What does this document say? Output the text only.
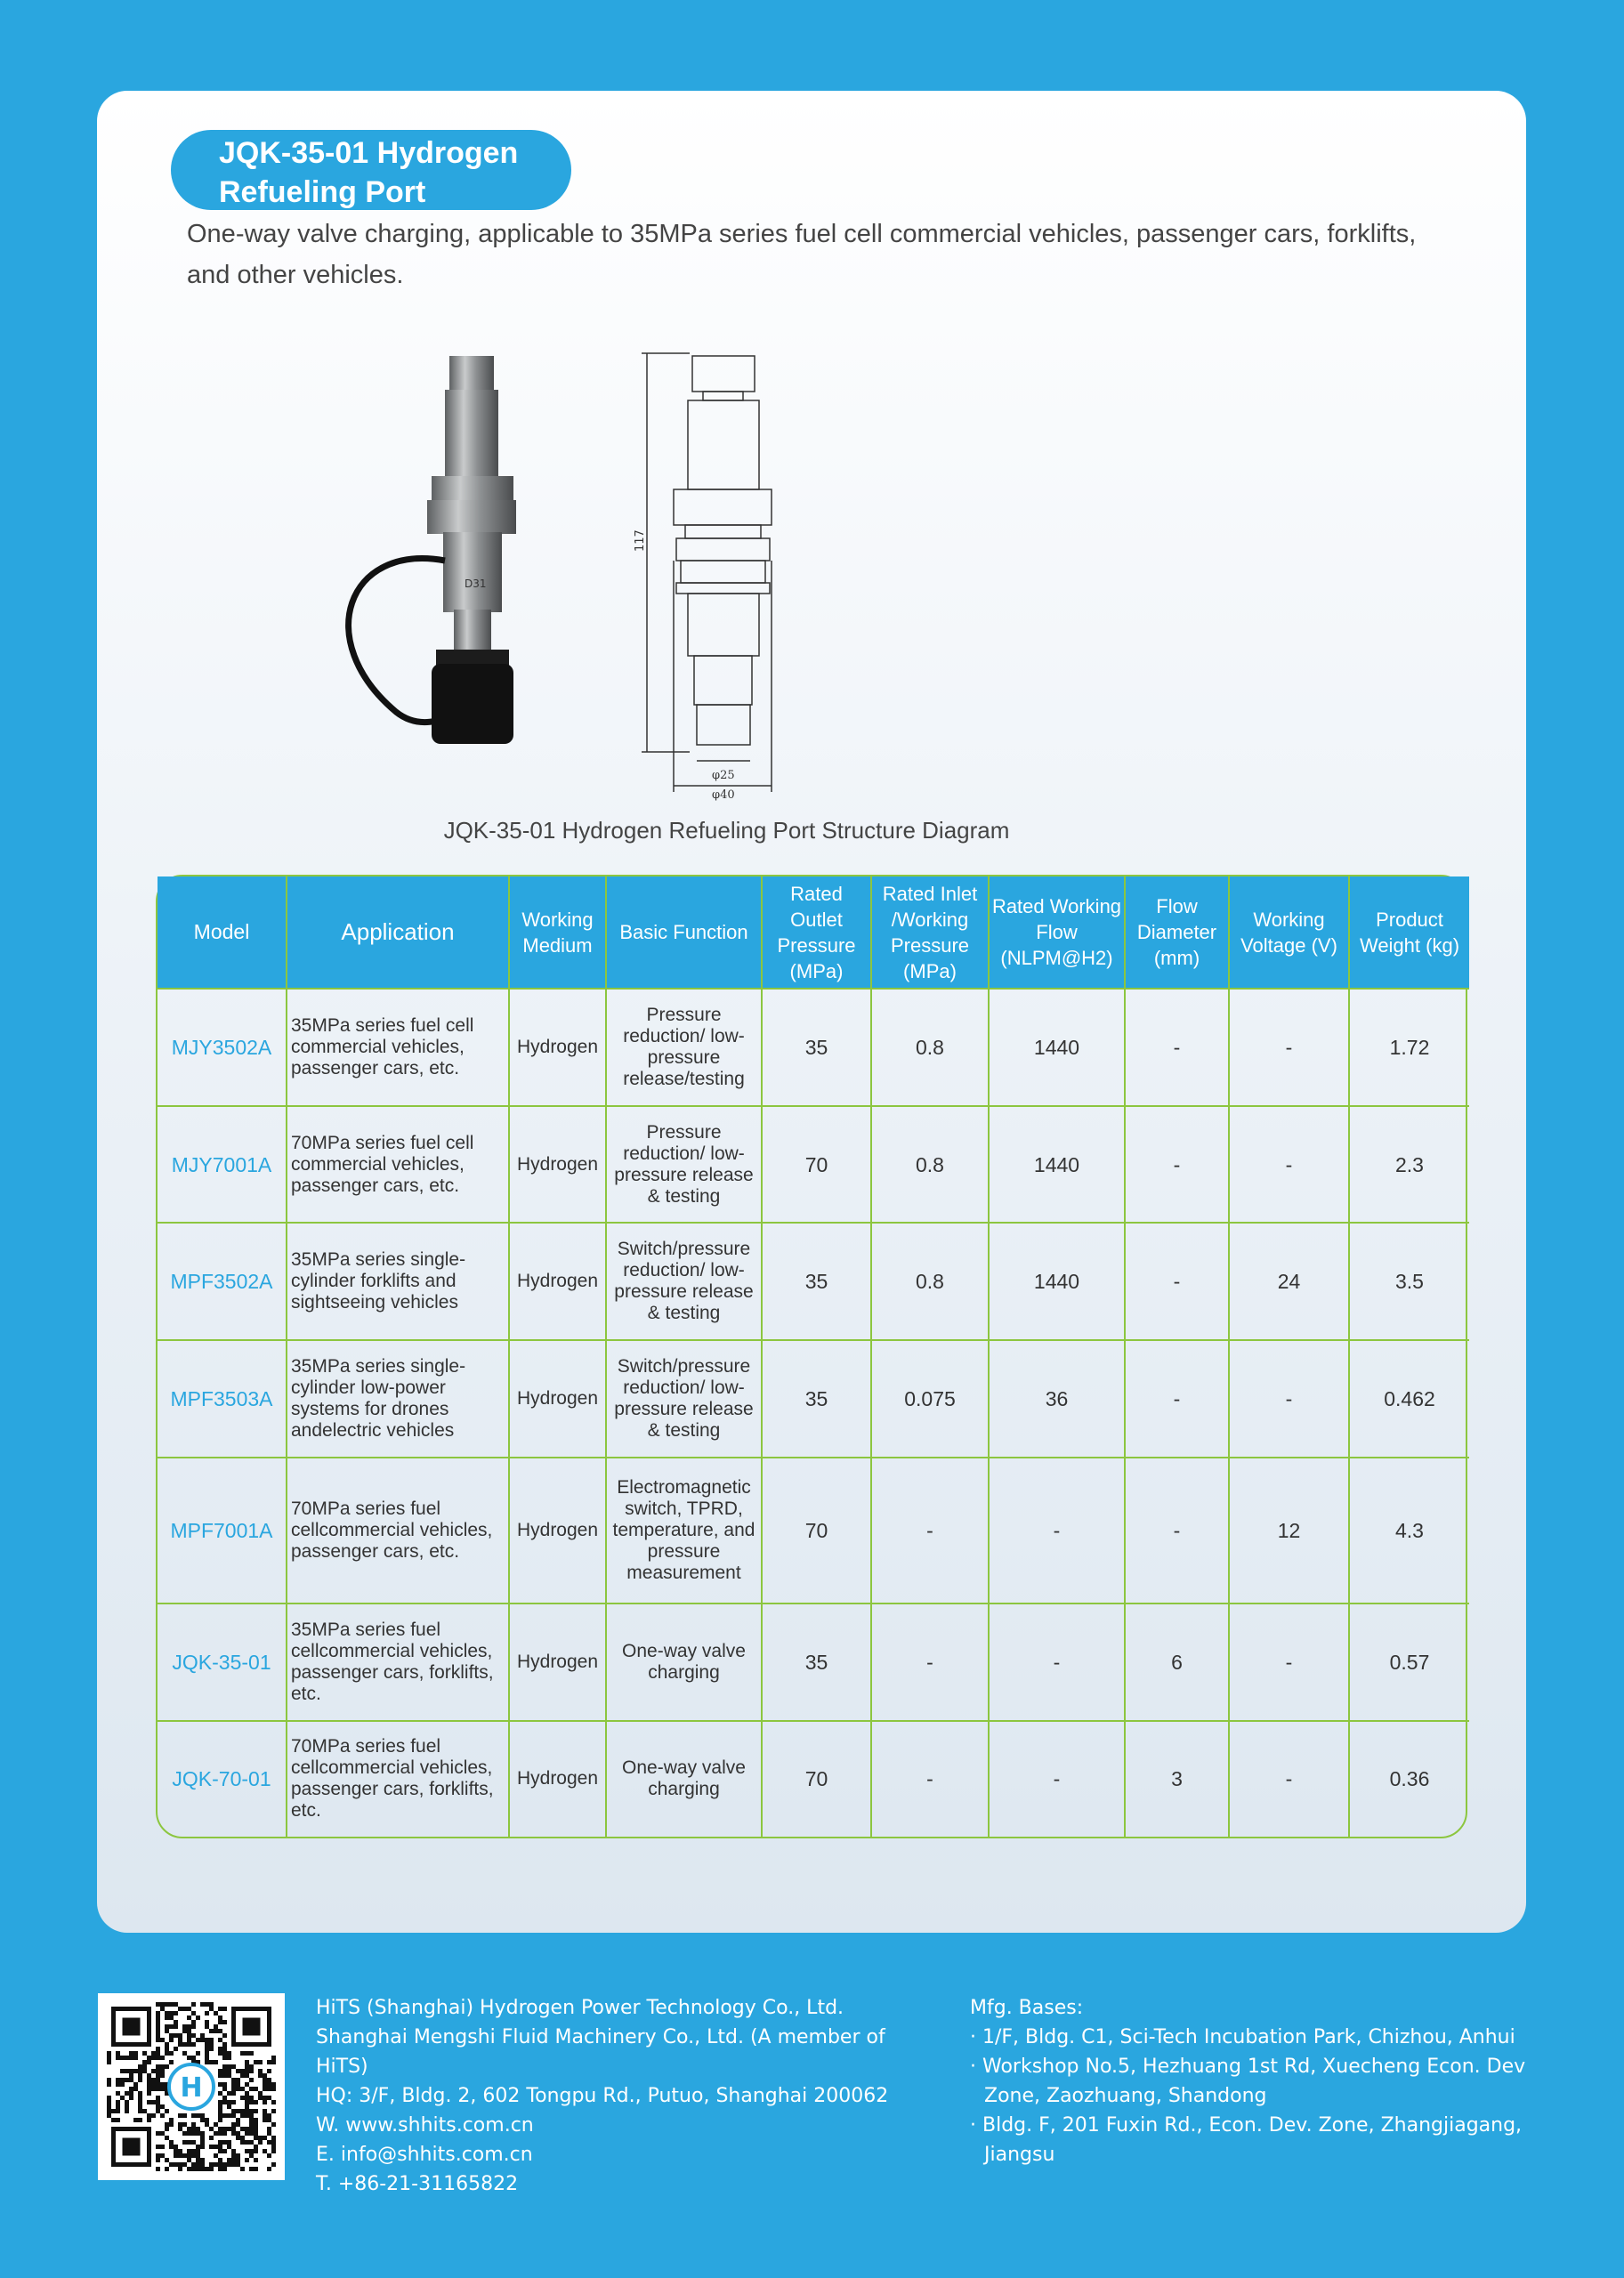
JQK-35-01 Hydrogen
Refueling Port
One-way valve charging, applicable to 35MPa series fuel cell commercial vehicles, passenger cars, forklifts, and other vehicles.
D31
117
φ25
φ40
JQK-35-01 Hydrogen Refueling Port Structure Diagram
Model	Application	Working Medium	Basic Function	Rated Outlet Pressure (MPa)	Rated Inlet /Working Pressure (MPa)	Rated Working Flow (NLPM@H2)	Flow Diameter (mm)	Working Voltage (V)	Product Weight (kg)
MJY3502A	35MPa series fuel cell commercial vehicles, passenger cars, etc.	Hydrogen	Pressure reduction/ low-pressure release/testing	35	0.8	1440	-	-	1.72
MJY7001A	70MPa series fuel cell commercial vehicles, passenger cars, etc.	Hydrogen	Pressure reduction/ low-pressure release & testing	70	0.8	1440	-	-	2.3
MPF3502A	35MPa series single-cylinder forklifts and sightseeing vehicles	Hydrogen	Switch/pressure reduction/ low-pressure release & testing	35	0.8	1440	-	24	3.5
MPF3503A	35MPa series single-cylinder low-power systems for drones andelectric vehicles	Hydrogen	Switch/pressure reduction/ low-pressure release & testing	35	0.075	36	-	-	0.462
MPF7001A	70MPa series fuel cellcommercial vehicles, passenger cars, etc.	Hydrogen	Electromagnetic switch, TPRD, temperature, and pressure measurement	70	-	-	-	12	4.3
JQK-35-01	35MPa series fuel cellcommercial vehicles, passenger cars, forklifts, etc.	Hydrogen	One-way valve charging	35	-	-	6	-	0.57
JQK-70-01	70MPa series fuel cellcommercial vehicles, passenger cars, forklifts, etc.	Hydrogen	One-way valve charging	70	-	-	3	-	0.36
H
HiTS (Shanghai) Hydrogen Power Technology Co., Ltd.
Shanghai Mengshi Fluid Machinery Co., Ltd. (A member of HiTS)
HQ: 3/F, Bldg. 2, 602 Tongpu Rd., Putuo, Shanghai 200062
W. www.shhits.com.cn
E. info@shhits.com.cn
T. +86-21-31165822
Mfg. Bases:
· 1/F, Bldg. C1, Sci-Tech Incubation Park, Chizhou, Anhui
· Workshop No.5, Hezhuang 1st Rd, Xuecheng Econ. Dev Zone, Zaozhuang, Shandong
· Bldg. F, 201 Fuxin Rd., Econ. Dev. Zone, Zhangjiagang, Jiangsu
